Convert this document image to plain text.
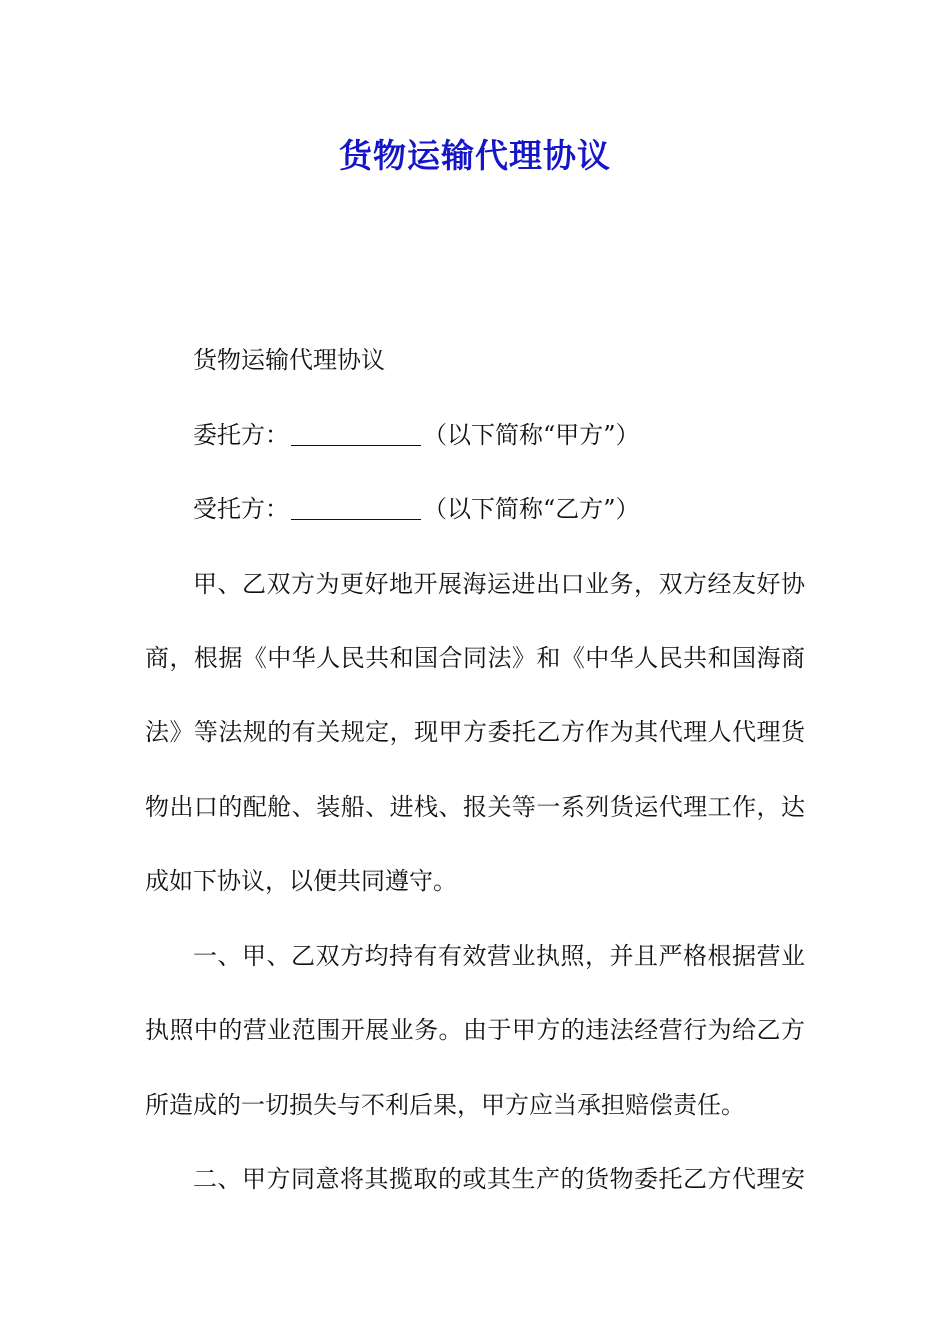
货物运输代理协议
货物运输代理协议
委托方：	（以下简称“甲方”）
受托方：	（以下简称“乙方”）
甲、乙双方为更好地开展海运进出口业务，双方经友好协
商，根据《中华人民共和国合同法》和《中华人民共和国海商
法》等法规的有关规定，现甲方委托乙方作为其代理人代理货
物出口的配舱、装船、进栈、报关等一系列货运代理工作，达
成如下协议，以便共同遵守。
一、甲、乙双方均持有有效营业执照，并且严格根据营业
执照中的营业范围开展业务。由于甲方的违法经营行为给乙方
所造成的一切损失与不利后果，甲方应当承担赔偿责任。
二、甲方同意将其揽取的或其生产的货物委托乙方代理安
